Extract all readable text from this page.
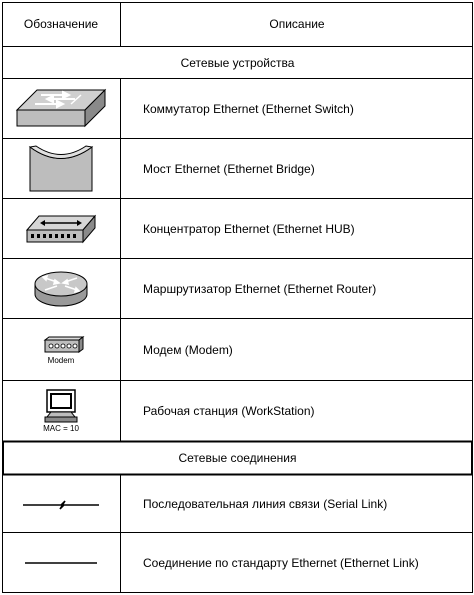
Обозначение	Описание
Сетевые устройства
Коммутатор Ethernet (Ethernet Switch)
Мост Ethernet (Ethernet Bridge)
Концентратор Ethernet (Ethernet HUB)
Маршрутизатор Ethernet (Ethernet Router)
Modem
Модем (Modem)
MAC = 10
Рабочая станция (WorkStation)
Сетевые соединения
Последовательная линия связи (Serial Link)
Соединение по стандарту Ethernet (Ethernet Link)
